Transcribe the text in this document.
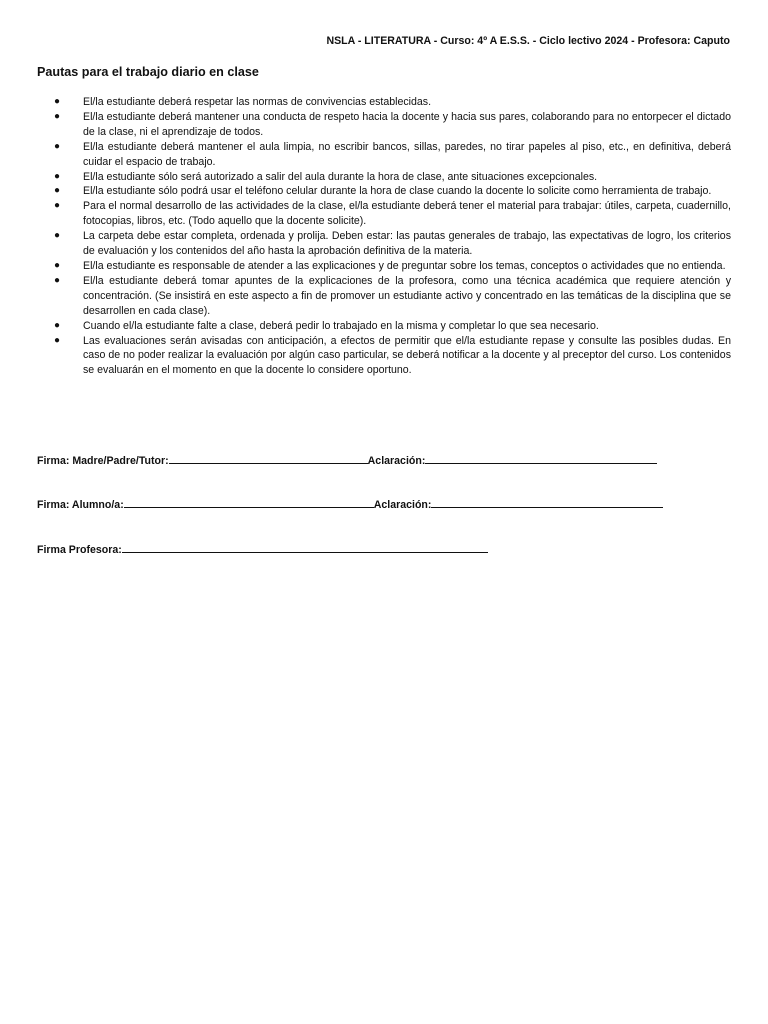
NSLA - LITERATURA - Curso: 4º A E.S.S. - Ciclo lectivo 2024 - Profesora: Caputo
Pautas para el trabajo diario en clase
● El/la estudiante deberá respetar las normas de convivencias establecidas.
● El/la estudiante deberá mantener una conducta de respeto hacia la docente y hacia sus pares, colaborando para no entorpecer el dictado de la clase, ni el aprendizaje de todos.
● El/la estudiante deberá mantener el aula limpia, no escribir bancos, sillas, paredes, no tirar papeles al piso, etc., en definitiva, deberá cuidar el espacio de trabajo.
● El/la estudiante sólo será autorizado a salir del aula durante la hora de clase, ante situaciones excepcionales.
● El/la estudiante sólo podrá usar el teléfono celular durante la hora de clase cuando la docente lo solicite como herramienta de trabajo.
● Para el normal desarrollo de las actividades de la clase, el/la estudiante deberá tener el material para trabajar: útiles, carpeta, cuadernillo, fotocopias, libros, etc. (Todo aquello que la docente solicite).
● La carpeta debe estar completa, ordenada y prolija. Deben estar: las pautas generales de trabajo, las expectativas de logro, los criterios de evaluación y los contenidos del año hasta la aprobación definitiva de la materia.
● El/la estudiante es responsable de atender a las explicaciones y de preguntar sobre los temas, conceptos o actividades que no entienda.
● El/la estudiante deberá tomar apuntes de la explicaciones de la profesora, como una técnica académica que requiere atención y concentración. (Se insistirá en este aspecto a fin de promover un estudiante activo y concentrado en las temáticas de la disciplina que se desarrollen en cada clase).
● Cuando el/la estudiante falte a clase, deberá pedir lo trabajado en la misma y completar lo que sea necesario.
● Las evaluaciones serán avisadas con anticipación, a efectos de permitir que el/la estudiante repase y consulte las posibles dudas. En caso de no poder realizar la evaluación por algún caso particular, se deberá notificar a la docente y al preceptor del curso. Los contenidos se evaluarán en el momento en que la docente lo considere oportuno.
Firma: Madre/Padre/Tutor:	Aclaración:
Firma: Alumno/a:	Aclaración:
Firma Profesora:
